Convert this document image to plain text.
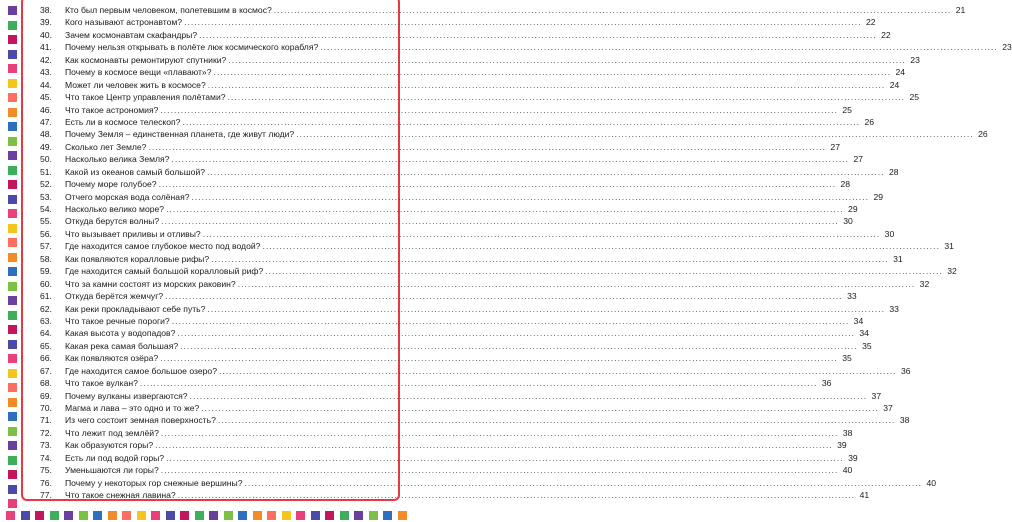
38.	Кто был первым человеком, полетевшим в космос? ........................................................................................................................................................................................................ 21
39.	Кого называют астронавтом? ........................................................................................................................................................................................................ 22
40.	Зачем космонавтам скафандры? ........................................................................................................................................................................................................ 22
41.	Почему нельзя открывать в полёте люк космического корабля? ........................................................................................................................................................................................................ 23
42.	Как космонавты ремонтируют спутники? ........................................................................................................................................................................................................ 23
43.	Почему в космосе вещи «плавают»? ........................................................................................................................................................................................................ 24
44.	Может ли человек жить в космосе? ........................................................................................................................................................................................................ 24
45.	Что такое Центр управления полётами? ........................................................................................................................................................................................................ 25
46.	Что такое астрономия? ........................................................................................................................................................................................................ 25
47.	Есть ли в космосе телескоп? ........................................................................................................................................................................................................ 26
48.	Почему Земля – единственная планета, где живут люди? ........................................................................................................................................................................................................ 26
49.	Сколько лет Земле? ........................................................................................................................................................................................................ 27
50.	Насколько велика Земля? ........................................................................................................................................................................................................ 27
51.	Какой из океанов самый большой? ........................................................................................................................................................................................................ 28
52.	Почему море голубое? ........................................................................................................................................................................................................ 28
53.	Отчего морская вода солёная? ........................................................................................................................................................................................................ 29
54.	Насколько велико море? ........................................................................................................................................................................................................ 29
55.	Откуда берутся волны? ........................................................................................................................................................................................................ 30
56.	Что вызывает приливы и отливы? ........................................................................................................................................................................................................ 30
57.	Где находится самое глубокое место под водой? ........................................................................................................................................................................................................ 31
58.	Как появляются коралловые рифы? ........................................................................................................................................................................................................ 31
59.	Где находится самый большой коралловый риф? ........................................................................................................................................................................................................ 32
60.	Что за камни состоят из морских раковин? ........................................................................................................................................................................................................ 32
61.	Откуда берётся жемчуг? ........................................................................................................................................................................................................ 33
62.	Как реки прокладывают себе путь? ........................................................................................................................................................................................................ 33
63.	Что такое речные пороги? ........................................................................................................................................................................................................ 34
64.	Какая высота у водопадов? ........................................................................................................................................................................................................ 34
65.	Какая река самая большая? ........................................................................................................................................................................................................ 35
66.	Как появляются озёра? ........................................................................................................................................................................................................ 35
67.	Где находится самое большое озеро? ........................................................................................................................................................................................................ 36
68.	Что такое вулкан? ........................................................................................................................................................................................................ 36
69.	Почему вулканы извергаются? ........................................................................................................................................................................................................ 37
70.	Магма и лава – это одно и то же? ........................................................................................................................................................................................................ 37
71.	Из чего состоит земная поверхность? ........................................................................................................................................................................................................ 38
72.	Что лежит под землёй? ........................................................................................................................................................................................................ 38
73.	Как образуются горы? ........................................................................................................................................................................................................ 39
74.	Есть ли под водой горы? ........................................................................................................................................................................................................ 39
75.	Уменьшаются ли горы? ........................................................................................................................................................................................................ 40
76.	Почему у некоторых гор снежные вершины? ........................................................................................................................................................................................................ 40
77.	Что такое снежная лавина? ........................................................................................................................................................................................................ 41
